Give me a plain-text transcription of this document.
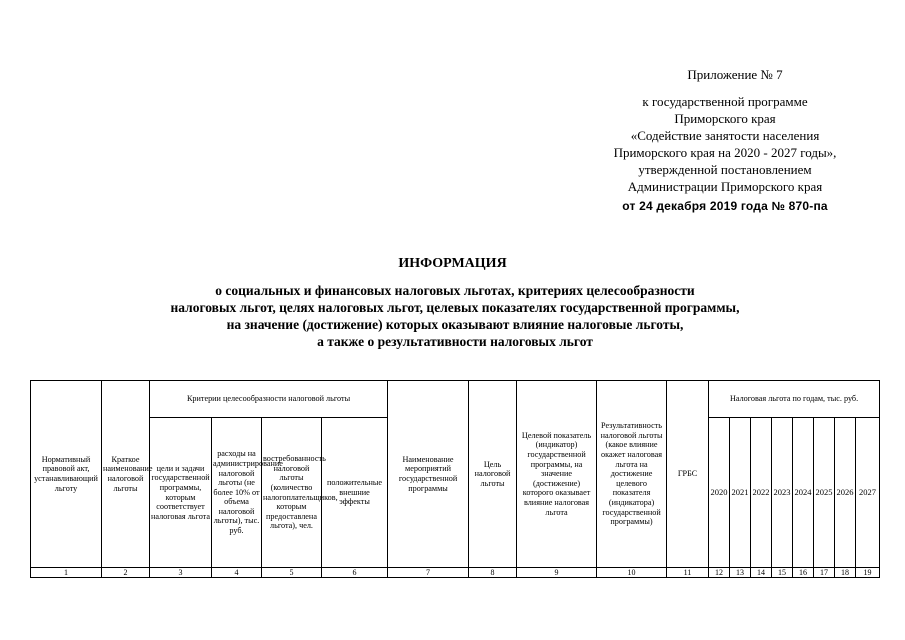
Приложение № 7
к государственной программе
Приморского края
«Содействие занятости населения
Приморского края на 2020 - 2027 годы»,
утвержденной постановлением
Администрации Приморского края
от 24 декабря 2019 года № 870-па
ИНФОРМАЦИЯ
о социальных и финансовых налоговых льготах, критериях целесообразности
налоговых льгот, целях налоговых льгот, целевых показателях государственной программы,
на значение (достижение) которых оказывают влияние налоговые льготы,
а также о результативности налоговых льгот
Нормативный правовой акт, устанавливающий льготу	Краткое наименование налоговой льготы	Критерии целесообразности налоговой льготы				Наименование мероприятий государственной программы	Цель налоговой льготы	Целевой показатель (индикатор) государственной программы, на значение (достижение) которого оказывает влияние налоговая льгота	Результативность налоговой льготы (какое влияние окажет налоговая льгота на достижение целевого показателя (индикатора) государственной программы)	ГРБС	Налоговая льгота по годам, тыс. руб.							
		цели и задачи государственной программы, которым соответствует налоговая льгота	расходы на администрирование налоговой льготы (не более 10% от объема налоговой льготы), тыс. руб.	востребованность налоговой льготы (количество налогоплательщиков, которым предоставлена льгота), чел.	положительные внешние эффекты						2020	2021	2022	2023	2024	2025	2026	2027
1	2	3	4	5	6	7	8	9	10	11	12	13	14	15	16	17	18	19
